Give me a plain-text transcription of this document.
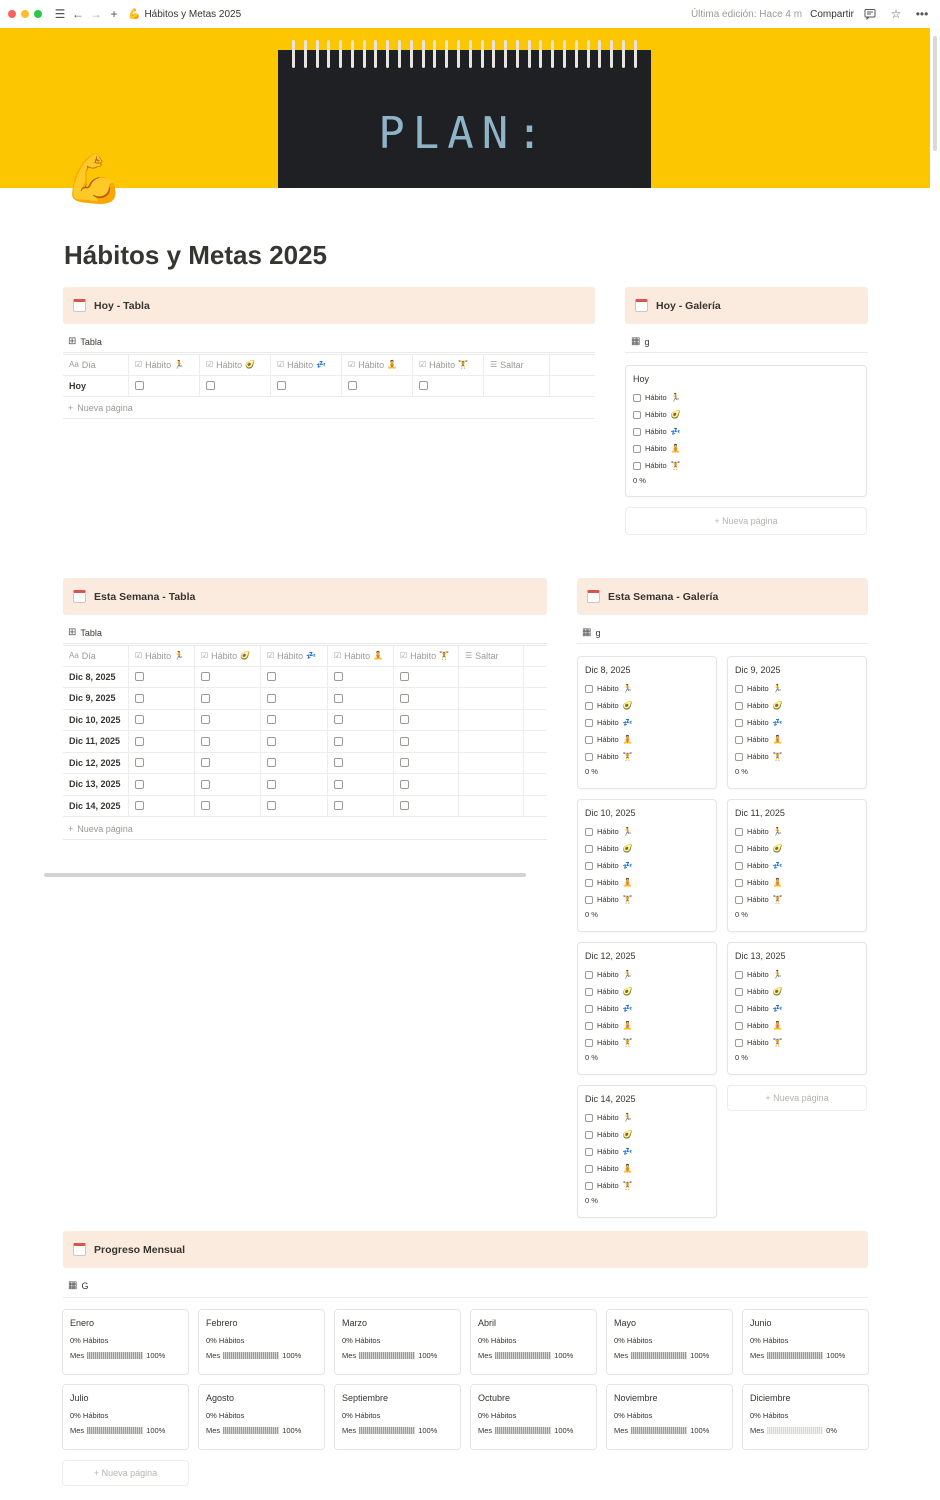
☰ ← → +	💪 Hábitos y Metas 2025	Última edición: Hace 4 m Compartir	☆ •••
PLAN:
💪
Hábitos y Metas 2025
Hoy - Tabla
⊞ Tabla
Aa Día	☑ Hábito 🏃	☑ Hábito 🥑	☑ Hábito 💤	☑ Hábito 🧘	☑ Hábito 🏋	☰ Saltar
Hoy
+ Nueva página
Hoy - Galería
▦ g
Hoy
Hábito 🏃
Hábito 🥑
Hábito 💤
Hábito 🧘
Hábito 🏋
0 %
+ Nueva página
Esta Semana - Tabla
⊞ Tabla
Aa Día	☑ Hábito 🏃 ☑ Hábito 🥑 ☑ Hábito 💤 ☑ Hábito 🧘 ☑ Hábito 🏋 ☰ Saltar
Dic 8, 2025
Dic 9, 2025
Dic 10, 2025
Dic 11, 2025
Dic 12, 2025
Dic 13, 2025
Dic 14, 2025
+ Nueva página
Esta Semana - Galería
▦ g
Dic 8, 2025
Hábito 🏃
Hábito 🥑
Hábito 💤
Hábito 🧘
Hábito 🏋
0 %
Dic 9, 2025
Hábito 🏃
Hábito 🥑
Hábito 💤
Hábito 🧘
Hábito 🏋
0 %
Dic 10, 2025
Hábito 🏃
Hábito 🥑
Hábito 💤
Hábito 🧘
Hábito 🏋
0 %
Dic 11, 2025
Hábito 🏃
Hábito 🥑
Hábito 💤
Hábito 🧘
Hábito 🏋
0 %
Dic 12, 2025
Hábito 🏃
Hábito 🥑
Hábito 💤
Hábito 🧘
Hábito 🏋
0 %
Dic 13, 2025
Hábito 🏃
Hábito 🥑
Hábito 💤
Hábito 🧘
Hábito 🏋
0 %
Dic 14, 2025
Hábito 🏃
Hábito 🥑
Hábito 💤
Hábito 🧘
Hábito 🏋
0 %
+ Nueva página
Progreso Mensual
▦ G
Enero
0% Hábitos
Mes	100%
Febrero
0% Hábitos
Mes	100%
Marzo
0% Hábitos
Mes	100%
Abril
0% Hábitos
Mes	100%
Mayo
0% Hábitos
Mes	100%
Junio
0% Hábitos
Mes	100%
Julio
0% Hábitos
Mes	100%
Agosto
0% Hábitos
Mes	100%
Septiembre
0% Hábitos
Mes	100%
Octubre
0% Hábitos
Mes	100%
Noviembre
0% Hábitos
Mes	100%
Diciembre
0% Hábitos
Mes	0%
+ Nueva página
